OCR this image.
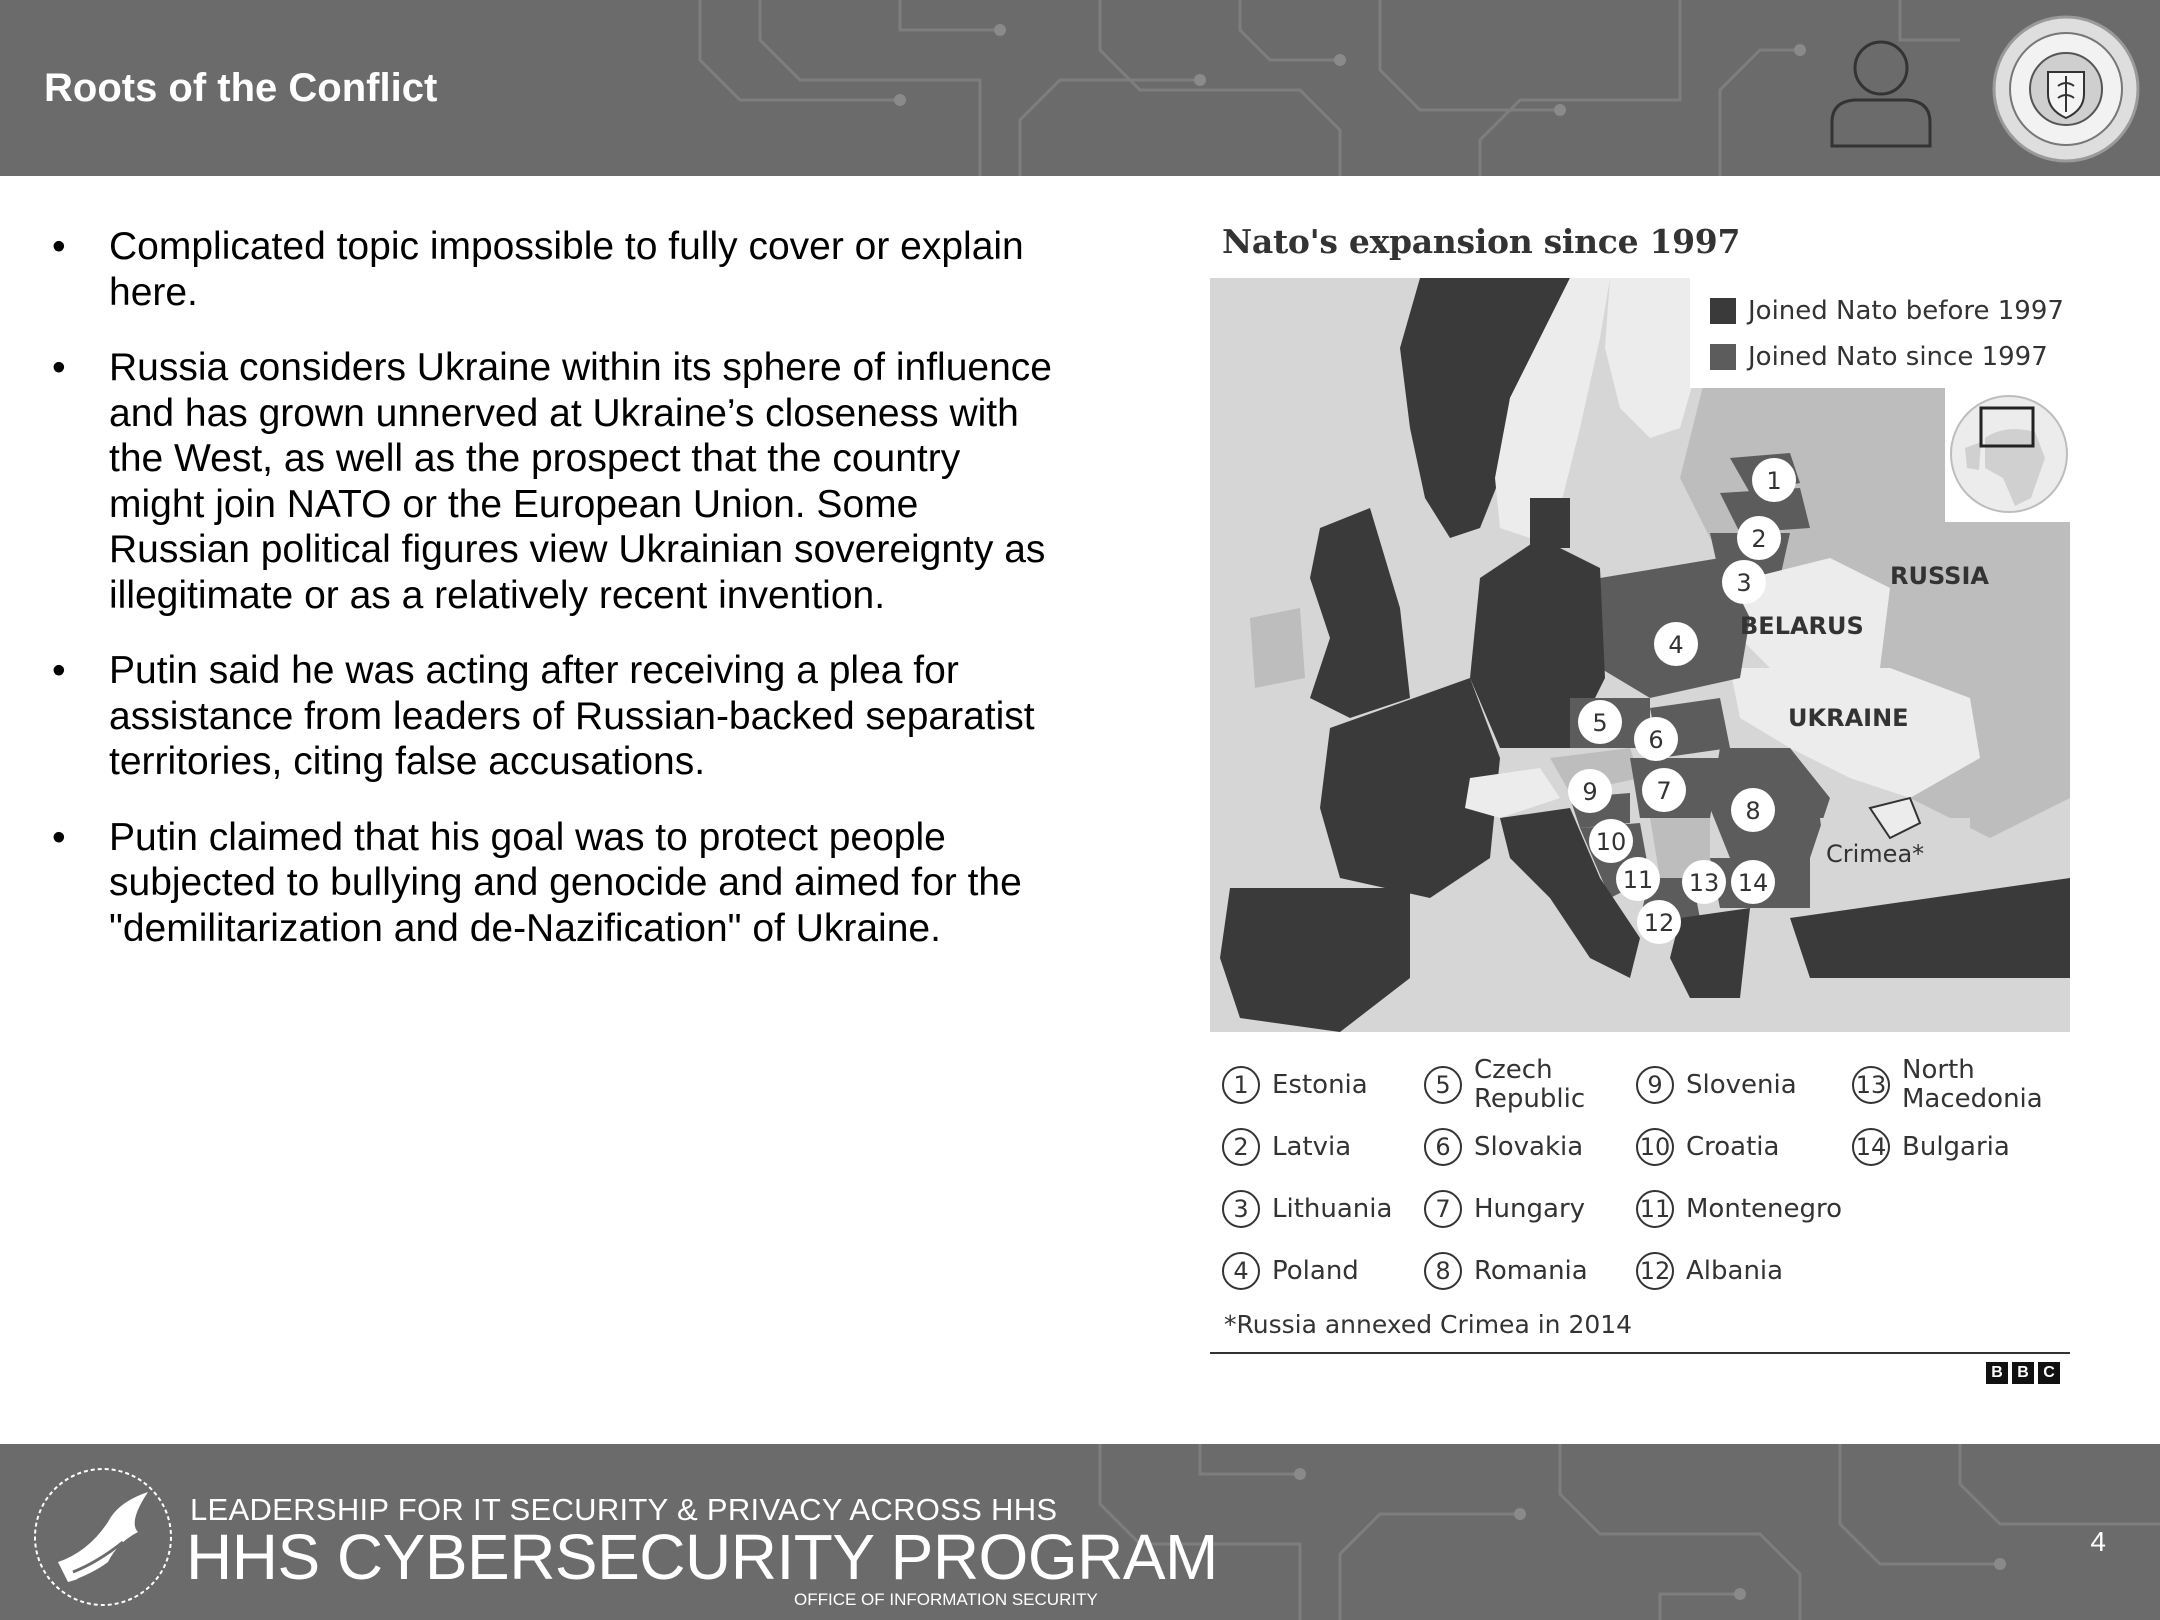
Roots of the Conflict
• Complicated topic impossible to fully cover or explain here.
• Russia considers Ukraine within its sphere of influence and has grown unnerved at Ukraine’s closeness with the West, as well as the prospect that the country might join NATO or the European Union. Some Russian political figures view Ukrainian sovereignty as illegitimate or as a relatively recent invention.
• Putin said he was acting after receiving a plea for assistance from leaders of Russian-backed separatist territories, citing false accusations.
• Putin claimed that his goal was to protect people subjected to bullying and genocide and aimed for the "demilitarization and de-Nazification" of Ukraine.
Nato's expansion since 1997
RUSSIA
BELARUS
UKRAINE
Crimea*
1
2
3
4
5
6
7
8
9
10
11
12
13 14
Joined Nato before 1997
Joined Nato since 1997
1 Estonia
2 Latvia
3 Lithuania
4 Poland
5 Czech Republic
6 Slovakia
7 Hungary
8 Romania
9 Slovenia
10 Croatia
11 Montenegro
12 Albania
13 North Macedonia
14 Bulgaria
*Russia annexed Crimea in 2014
B B C
LEADERSHIP FOR IT SECURITY & PRIVACY ACROSS HHS
HHS CYBERSECURITY PROGRAM
OFFICE OF INFORMATION SECURITY
4
